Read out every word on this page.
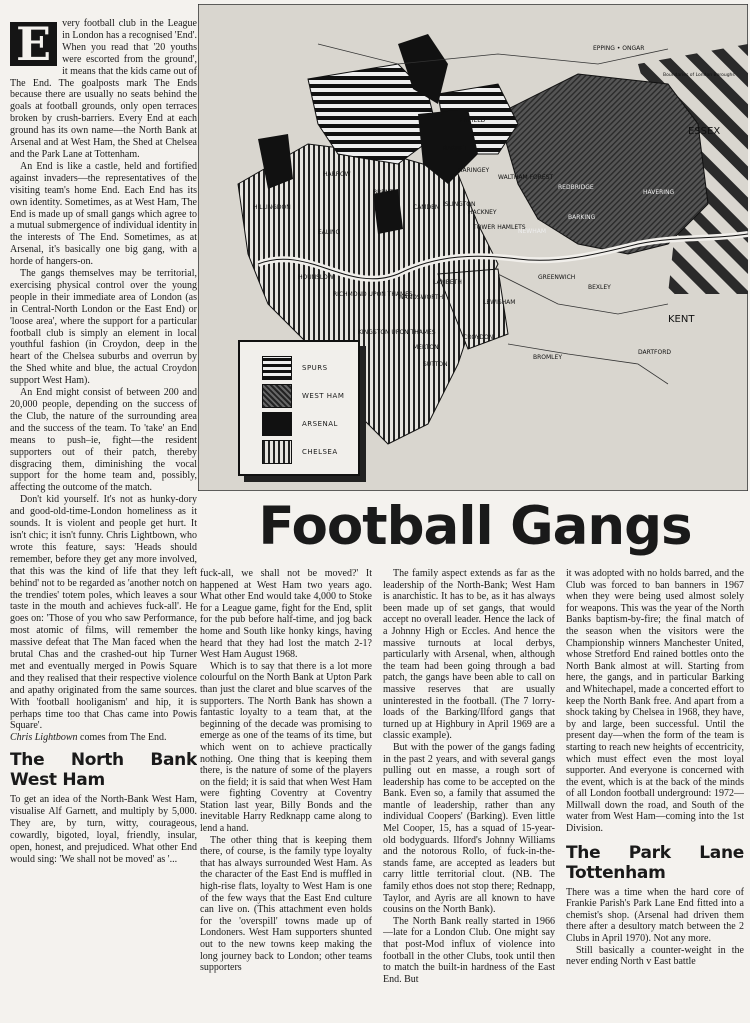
E	very football club in the League in London has a recognised 'End'. When you read that '20 youths were escorted from the ground', it means that the kids came out of The End. The goalposts mark The Ends because there are usually no seats behind the goals at football grounds, only open terraces broken by crush-barriers. Every End at each ground has its own name—the North Bank at Arsenal and at West Ham, the Shed at Chelsea and the Park Lane at Tottenham.

An End is like a castle, held and fortified against invaders—the representatives of the visiting team's home End. Each End has its own identity. Sometimes, as at West Ham, The End is made up of small gangs which agree to a mutual submergence of individual identity in the interests of The End. Sometimes, as at Arsenal, it's basically one big gang, with a horde of hangers-on.

The gangs themselves may be territorial, exercising physical control over the young people in their immediate area of London (as in Central-North London or the East End) or 'loose area', where the support for a particular football club is simply an element in local youthful fashion (in Croydon, deep in the heart of the Chelsea suburbs and overrun by the Shed white and blue, the actual Croydon support West Ham).

An End might consist of between 200 and 20,000 people, depending on the success of the Club, the nature of the surrounding area and the success of the team. To 'take' an End means to push–ie, fight—the resident supporters out of their patch, thereby disgracing them, diminishing the vocal support for the home team and, possibly, affecting the outcome of the match.

Don't kid yourself. It's not as hunky-dory and good-old-time-London homeliness as it sounds. It is violent and people get hurt. It isn't chic; it isn't funny. Chris Lightbown, who wrote this feature, says: 'Heads should remember, before they get any more involved, that this was the kind of life that they left behind' not to be regarded as 'another notch on the trendies' totem poles, which leaves a sour taste in the mouth and achieves fuck-all'. He goes on: 'Those of you who saw Performance, most atomic of films, will remember the massive defeat that The Man faced when the brutal Chas and the crashed-out hip Turner met and eventually merged in Powis Square and they realised that their respective violence and apathy originated from the same sources. With 'football hooliganism' and hip, it is perhaps time too that Chas came into Powis Square'.

Chris Lightbown comes from The End.

The North Bank West Ham

To get an idea of the North-Bank West Ham, visualise Alf Garnett, and multiply by 5,000. They are, by turn, witty, courageous, cowardly, bigoted, loyal, friendly, insular, open, honest, and prejudiced. What other End would sing: 'We shall not be moved' as '...

EPPING • ONGAR
Boundaries of London Boroughs
ESSEX
KENT
ENFIELD
BARNET
HARROW
HARINGEY
WALTHAM FOREST
REDBRIDGE
HAVERING
BARKING
NEWHAM
HILLINGDON
EALING
BRENT
CAMDEN ISLINGTON
HACKNEY
TOWER HAMLETS
HOUNSLOW
RICHMOND UPON THAMES
WANDSWORTH
LAMBETH
LEWISHAM
GREENWICH
BEXLEY
KINGSTON UPON THAMES
MERTON
SUTTON
CROYDON
BROMLEY
DARTFORD
SPURS
WEST HAM
ARSENAL
CHELSEA
Football Gangs

fuck-all, we shall not be moved?' It happened at West Ham two years ago. What other End would take 4,000 to Stoke for a League game, fight for the End, split for the pub before half-time, and jog back home and South like honky kings, having heard that they had lost the match 2-1? West Ham August 1968.

Which is to say that there is a lot more colourful on the North Bank at Upton Park than just the claret and blue scarves of the supporters. The North Bank has shown a fantastic loyalty to a team that, at the beginning of the decade was promising to emerge as one of the teams of its time, but which went on to achieve practically nothing. One thing that is keeping them there, is the nature of some of the players on the field; it is said that when West Ham were fighting Coventry at Coventry Station last year, Billy Bonds and the inevitable Harry Redknapp came along to lend a hand.

The other thing that is keeping them there, of course, is the family type loyalty that has always surrounded West Ham. As the character of the East End is muffled in high-rise flats, loyalty to West Ham is one of the few ways that the East End culture can live on. (This attachment even holds for the 'overspill' towns made up of Londoners. West Ham supporters shunted out to the new towns keep making the long journey back to London; other teams supporters

The family aspect extends as far as the leadership of the North-Bank; West Ham is anarchistic. It has to be, as it has always been made up of set gangs, that would accept no overall leader. Hence the lack of a Johnny High or Eccles. And hence the massive turnouts at local derbys, particularly with Arsenal, when, although the team had been going through a bad patch, the gangs have been able to call on massive reserves that are usually uninterested in the football. (The 7 lorry-loads of the Barking/Ilford gangs that turned up at Highbury in April 1969 are a classic example).

But with the power of the gangs fading in the past 2 years, and with several gangs pulling out en masse, a rough sort of leadership has come to be accepted on the Bank. Even so, a family that assumed the mantle of leadership, rather than any individual Coopers' (Barking). Even little Mel Cooper, 15, has a squad of 15-year-old bodyguards. Ilford's Johnny Williams and the notorous Rollo, of fuck-in-the-stands fame, are accepted as leaders but carry little territorial clout. (NB. The family ethos does not stop there; Rednapp, Taylor, and Ayris are all known to have cousins on the North Bank).

The North Bank really started in 1966—late for a London Club. One might say that post-Mod influx of violence into football in the other Clubs, took until then to match the built-in hardness of the East End. But

it was adopted with no holds barred, and the Club was forced to ban banners in 1967 when they were being used almost solely for weapons. This was the year of the North Banks baptism-by-fire; the final match of the season when the visitors were the Championship winners Manchester United, whose Stretford End rained bottles onto the North Bank almost at will. Starting from here, the gangs, and in particular Barking and Whitechapel, made a concerted effort to keep the North Bank free. And apart from a shock taking by Chelsea in 1968, they have, by and large, been successful. Until the present day—when the form of the team is starting to reach new heights of eccentricity, which must effect even the most loyal supporter. And everyone is concerned with the event, which is at the back of the minds of all London football underground: 1972—Millwall down the road, and South of the water from West Ham—coming into the 1st Division.

The Park Lane Tottenham

There was a time when the hard core of Frankie Parish's Park Lane End fitted into a chemist's shop. (Arsenal had driven them there after a desultory match between the 2 Clubs in April 1970). Not any more.

Still basically a counter-weight in the never ending North v East battle
